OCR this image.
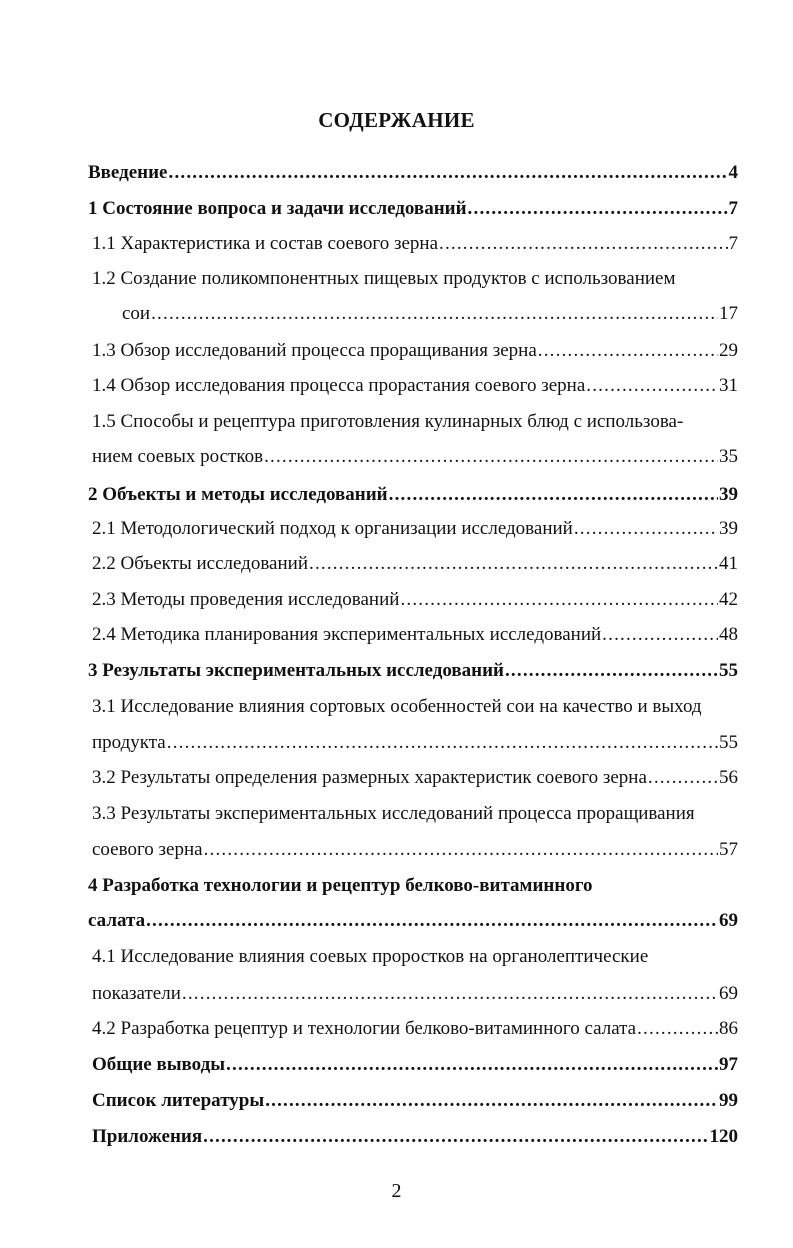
СОДЕРЖАНИЕ
Введение .....	4
1 Состояние вопроса и задачи исследований .....	7
1.1 Характеристика и состав соевого зерна .....	7
1.2 Создание поликомпонентных пищевых продуктов с использованием
сои .....	17
1.3 Обзор исследований процесса проращивания зерна .....	29
1.4 Обзор исследования процесса прорастания соевого зерна .....	31
1.5 Способы и рецептура приготовления кулинарных блюд с использова-
нием соевых ростков .....	35
2 Объекты и методы исследований .....	39
2.1 Методологический подход к организации исследований .....	39
2.2 Объекты исследований .....	41
2.3 Методы проведения исследований .....	42
2.4 Методика планирования экспериментальных исследований .....	48
3 Результаты экспериментальных исследований .....	55
3.1 Исследование влияния сортовых особенностей сои на качество и выход
продукта .....	55
3.2 Результаты определения размерных характеристик соевого зерна .....	56
3.3 Результаты экспериментальных исследований процесса проращивания
соевого зерна .....	57
4 Разработка технологии и рецептур белково-витаминного
салата .....	69
4.1 Исследование влияния соевых проростков на органолептические
показатели .....	69
4.2 Разработка рецептур и технологии белково-витаминного салата .....	86
Общие выводы .....	97
Список литературы .....	99
Приложения .....	120
2
